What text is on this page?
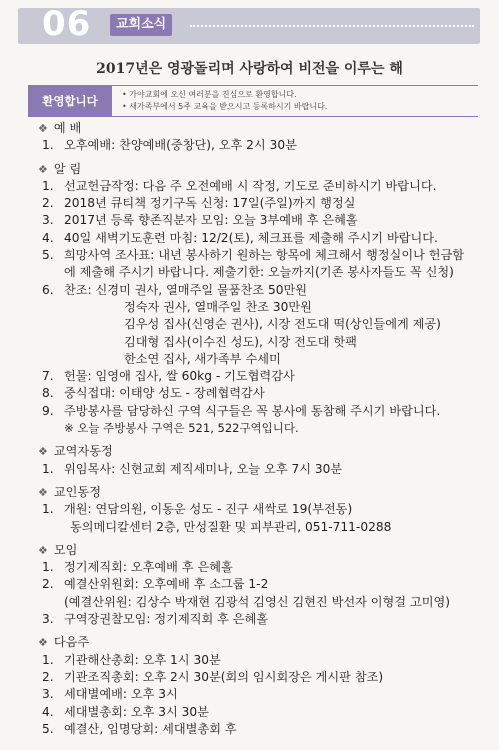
06	교회소식
2017년은 영광돌리며 사랑하여 비전을 이루는 해
환영합니다
•	가야교회에 오신 여러분을 진심으로 환영합니다.
• 새가족부에서 5주 교육을 받으시고 등록하시기 바랍니다.
❖ 예 배
1. 오후예배: 찬양예배(중창단), 오후 2시 30분
❖ 알 림
1. 선교헌금작정: 다음 주 오전예배 시 작정, 기도로 준비하시기 바랍니다.
2. 2018년 큐티책 정기구독 신청: 17일(주일)까지 행정실
3. 2017년 등록 향존직분자 모임: 오늘 3부예배 후 은혜홀
4. 40일 새벽기도훈련 마침: 12/2(토), 체크표를 제출해 주시기 바랍니다.
5. 희망사역 조사표: 내년 봉사하기 원하는 항목에 체크해서 행정실이나 헌금함
에 제출해 주시기 바랍니다. 제출기한: 오늘까지(기존 봉사자들도 꼭 신청)
6. 찬조: 신경미 권사, 열매주일 물품찬조 50만원
정숙자 권사, 열매주일 찬조 30만원
김우성 집사(신영순 권사), 시장 전도대 떡(상인들에게 제공)
김대형 집사(이수진 성도), 시장 전도대 핫팩
한소연 집사, 새가족부 수세미
7. 헌물: 임영애 집사, 쌀 60kg - 기도협력감사
8. 중식접대: 이태양 성도 - 장례협력감사
9. 주방봉사를 담당하신 구역 식구들은 꼭 봉사에 동참해 주시기 바랍니다.
※ 오늘 주방봉사 구역은 521, 522구역입니다.
❖ 교역자동정
1. 위임목사: 신현교회 제직세미나, 오늘 오후 7시 30분
❖ 교인동정
1. 개원: 연담의원, 이동운 성도 - 진구 새싹로 19(부전동)
동의메디칼센터 2층, 만성질환 및 피부관리, 051-711-0288
❖ 모임
1. 정기제직회: 오후예배 후 은혜홀
2. 예결산위원회: 오후예배 후 소그룹 1-2
(예결산위원: 김상수 박재현 김광석 김영신 김현진 박선자 이형걸 고미영)
3. 구역장권찰모임: 정기제직회 후 은혜홀
❖ 다음주
1. 기관해산총회: 오후 1시 30분
2. 기관조직총회: 오후 2시 30분(회의 임시회장은 게시판 참조)
3. 세대별예배: 오후 3시
4. 세대별총회: 오후 3시 30분
5. 예결산, 임명당회: 세대별총회 후
